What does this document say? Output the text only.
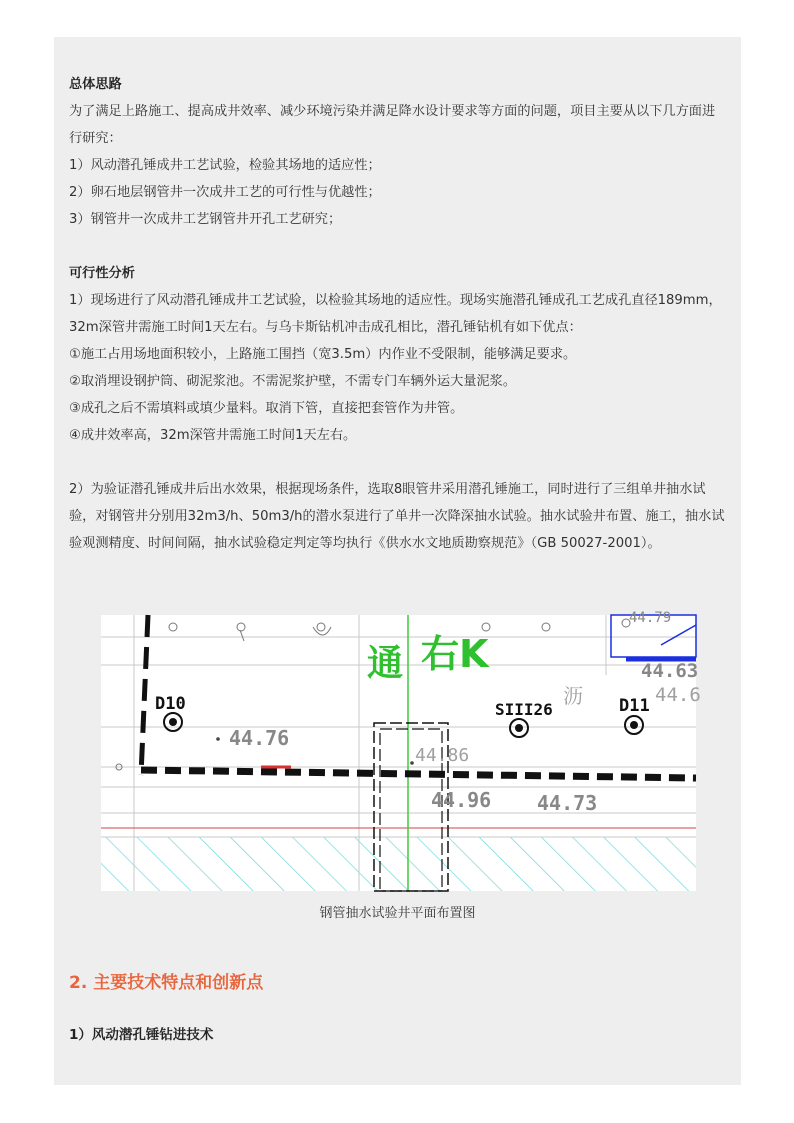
总体思路

为了满足上路施工、提高成井效率、减少环境污染并满足降水设计要求等方面的问题，项目主要从以下几方面进行研究：

1）风动潜孔锤成井工艺试验，检验其场地的适应性；

2）卵石地层钢管井一次成井工艺的可行性与优越性；

3）钢管井一次成井工艺钢管井开孔工艺研究；

可行性分析

1）现场进行了风动潜孔锤成井工艺试验，以检验其场地的适应性。现场实施潜孔锤成孔工艺成孔直径189mm，32m深管井需施工时间1天左右。与乌卡斯钻机冲击成孔相比，潜孔锤钻机有如下优点：

①施工占用场地面积较小，上路施工围挡（宽3.5m）内作业不受限制，能够满足要求。

②取消埋设钢护筒、砌泥浆池。不需泥浆护壁，不需专门车辆外运大量泥浆。

③成孔之后不需填料或填少量料。取消下管，直接把套管作为井管。

④成井效率高，32m深管井需施工时间1天左右。

2）为验证潜孔锤成井后出水效果，根据现场条件，选取8眼管井采用潜孔锤施工，同时进行了三组单井抽水试验，对钢管井分别用32m3/h、50m3/h的潜水泵进行了单井一次降深抽水试验。抽水试验井布置、施工，抽水试验观测精度、时间间隔，抽水试验稳定判定等均执行《供水水文地质勘察规范》（GB 50027-2001）。

D10	SIII26	D11
44.76
44.86
44.96 44.73
44.63
44.6
44.79
通 右K
沥
钢管抽水试验井平面布置图
2. 主要技术特点和创新点
1）风动潜孔锤钻进技术
